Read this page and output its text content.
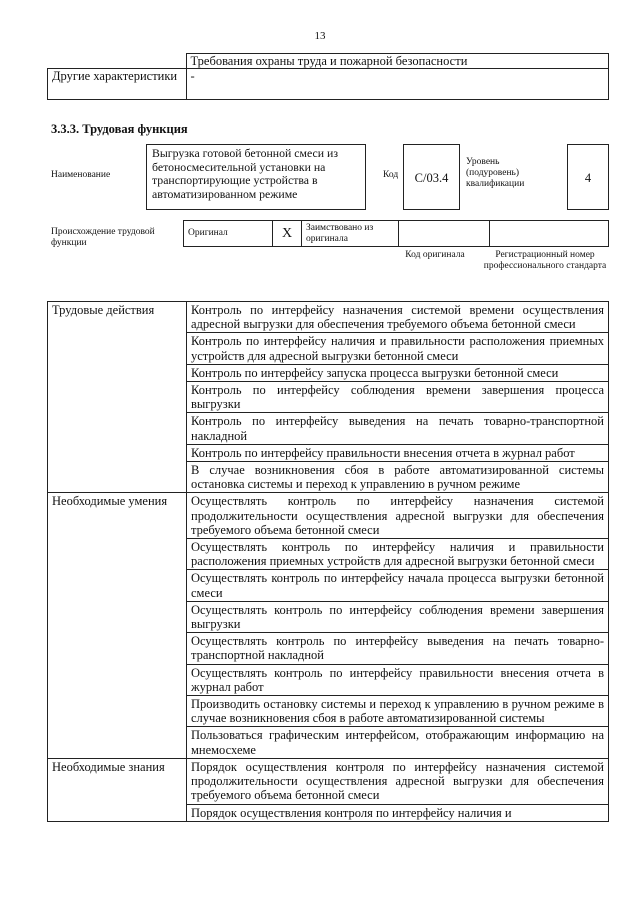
13
	Требования охраны труда и пожарной безопасности
Другие характеристики	-
3.3.3. Трудовая функция
Наименование
Выгрузка готовой бетонной смеси из бетоносмесительной установки на транспортирующие устройства в автоматизированном режиме
Код	С/03.4
Уровень (подуровень) квалификации	4
Происхождение трудовой функции
Оригинал	X	Заимствовано из оригинала		
Код оригинала	Регистрационный номер профессионального стандарта
Трудовые действия	Контроль по интерфейсу назначения системой времени осуществления адресной выгрузки для обеспечения требуемого объема бетонной смеси
	Контроль по интерфейсу наличия и правильности расположения приемных устройств для адресной выгрузки бетонной смеси
	Контроль по интерфейсу запуска процесса выгрузки бетонной смеси
	Контроль по интерфейсу соблюдения времени завершения процесса выгрузки
	Контроль по интерфейсу выведения на печать товарно-транспортной накладной
	Контроль по интерфейсу правильности внесения отчета в журнал работ
	В случае возникновения сбоя в работе автоматизированной системы остановка системы и переход к управлению в ручном режиме
Необходимые умения	Осуществлять контроль по интерфейсу назначения системой продолжительности осуществления адресной выгрузки для обеспечения требуемого объема бетонной смеси
	Осуществлять контроль по интерфейсу наличия и правильности расположения приемных устройств для адресной выгрузки бетонной смеси
	Осуществлять контроль по интерфейсу начала процесса выгрузки бетонной смеси
	Осуществлять контроль по интерфейсу соблюдения времени завершения выгрузки
	Осуществлять контроль по интерфейсу выведения на печать товарно-транспортной накладной
	Осуществлять контроль по интерфейсу правильности внесения отчета в журнал работ
	Производить остановку системы и переход к управлению в ручном режиме в случае возникновения сбоя в работе автоматизированной системы
	Пользоваться графическим интерфейсом, отображающим информацию на мнемосхеме
Необходимые знания	Порядок осуществления контроля по интерфейсу назначения системой продолжительности осуществления адресной выгрузки для обеспечения требуемого объема бетонной смеси
	Порядок осуществления контроля по интерфейсу наличия и
